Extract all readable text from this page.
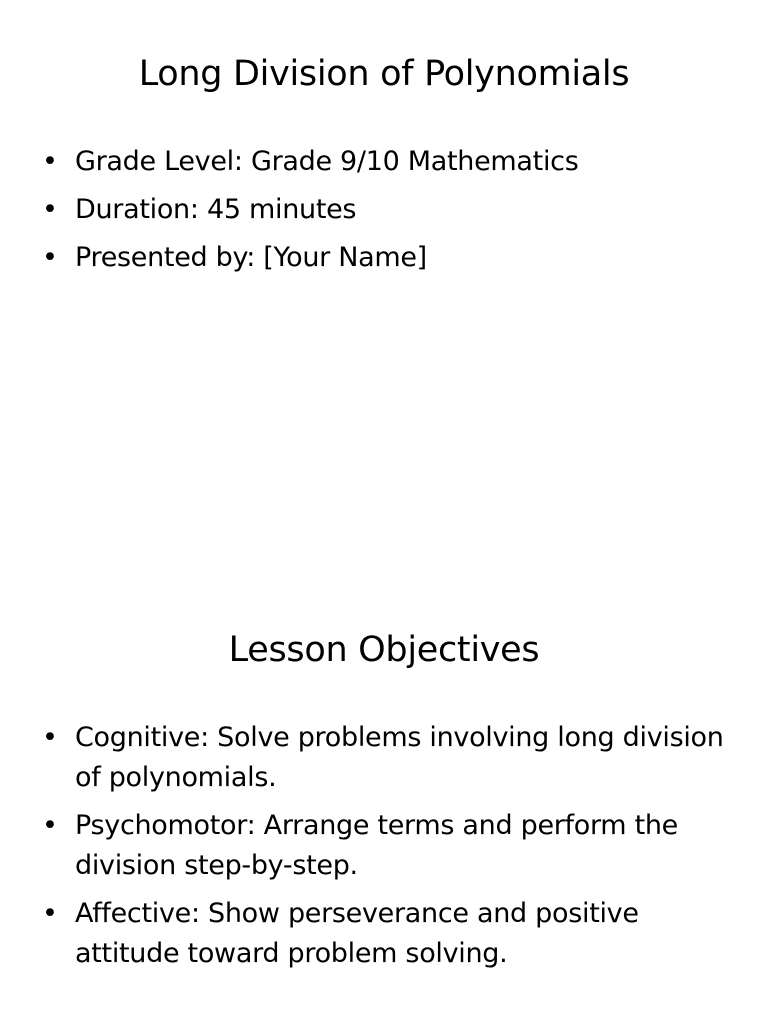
Long Division of Polynomials
• Grade Level: Grade 9/10 Mathematics
• Duration: 45 minutes
• Presented by: [Your Name]
Lesson Objectives
• Cognitive: Solve problems involving long division of polynomials.
• Psychomotor: Arrange terms and perform the division step-by-step.
• Affective: Show perseverance and positive attitude toward problem solving.
